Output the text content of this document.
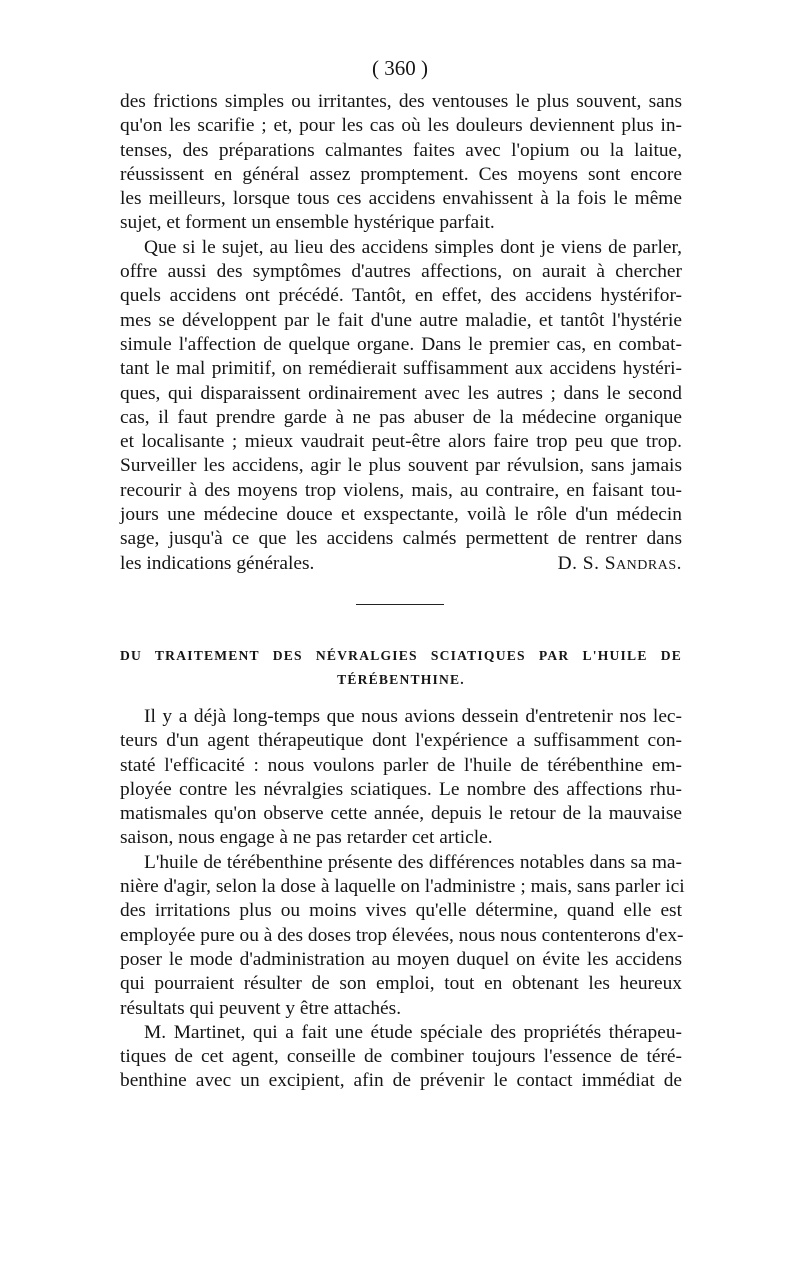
( 360 )
des frictions simples ou irritantes, des ventouses le plus souvent, sans
qu'on les scarifie ; et, pour les cas où les douleurs deviennent plus in-
tenses, des préparations calmantes faites avec l'opium ou la laitue,
réussissent en général assez promptement. Ces moyens sont encore
les meilleurs, lorsque tous ces accidens envahissent à la fois le même
sujet, et forment un ensemble hystérique parfait.
Que si le sujet, au lieu des accidens simples dont je viens de parler,
offre aussi des symptômes d'autres affections, on aurait à chercher
quels accidens ont précédé. Tantôt, en effet, des accidens hystérifor-
mes se développent par le fait d'une autre maladie, et tantôt l'hystérie
simule l'affection de quelque organe. Dans le premier cas, en combat-
tant le mal primitif, on remédierait suffisamment aux accidens hystéri-
ques, qui disparaissent ordinairement avec les autres ; dans le second
cas, il faut prendre garde à ne pas abuser de la médecine organique
et localisante ; mieux vaudrait peut-être alors faire trop peu que trop.
Surveiller les accidens, agir le plus souvent par révulsion, sans jamais
recourir à des moyens trop violens, mais, au contraire, en faisant tou-
jours une médecine douce et exspectante, voilà le rôle d'un médecin
sage, jusqu'à ce que les accidens calmés permettent de rentrer dans
les indications générales.	D. S. Sandras.
DU TRAITEMENT DES NÉVRALGIES SCIATIQUES PAR L'HUILE DE
TÉRÉBENTHINE.
Il y a déjà long-temps que nous avions dessein d'entretenir nos lec-
teurs d'un agent thérapeutique dont l'expérience a suffisamment con-
staté l'efficacité : nous voulons parler de l'huile de térébenthine em-
ployée contre les névralgies sciatiques. Le nombre des affections rhu-
matismales qu'on observe cette année, depuis le retour de la mauvaise
saison, nous engage à ne pas retarder cet article.
L'huile de térébenthine présente des différences notables dans sa ma-
nière d'agir, selon la dose à laquelle on l'administre ; mais, sans parler ici
des irritations plus ou moins vives qu'elle détermine, quand elle est
employée pure ou à des doses trop élevées, nous nous contenterons d'ex-
poser le mode d'administration au moyen duquel on évite les accidens
qui pourraient résulter de son emploi, tout en obtenant les heureux
résultats qui peuvent y être attachés.
M. Martinet, qui a fait une étude spéciale des propriétés thérapeu-
tiques de cet agent, conseille de combiner toujours l'essence de téré-
benthine avec un excipient, afin de prévenir le contact immédiat de
